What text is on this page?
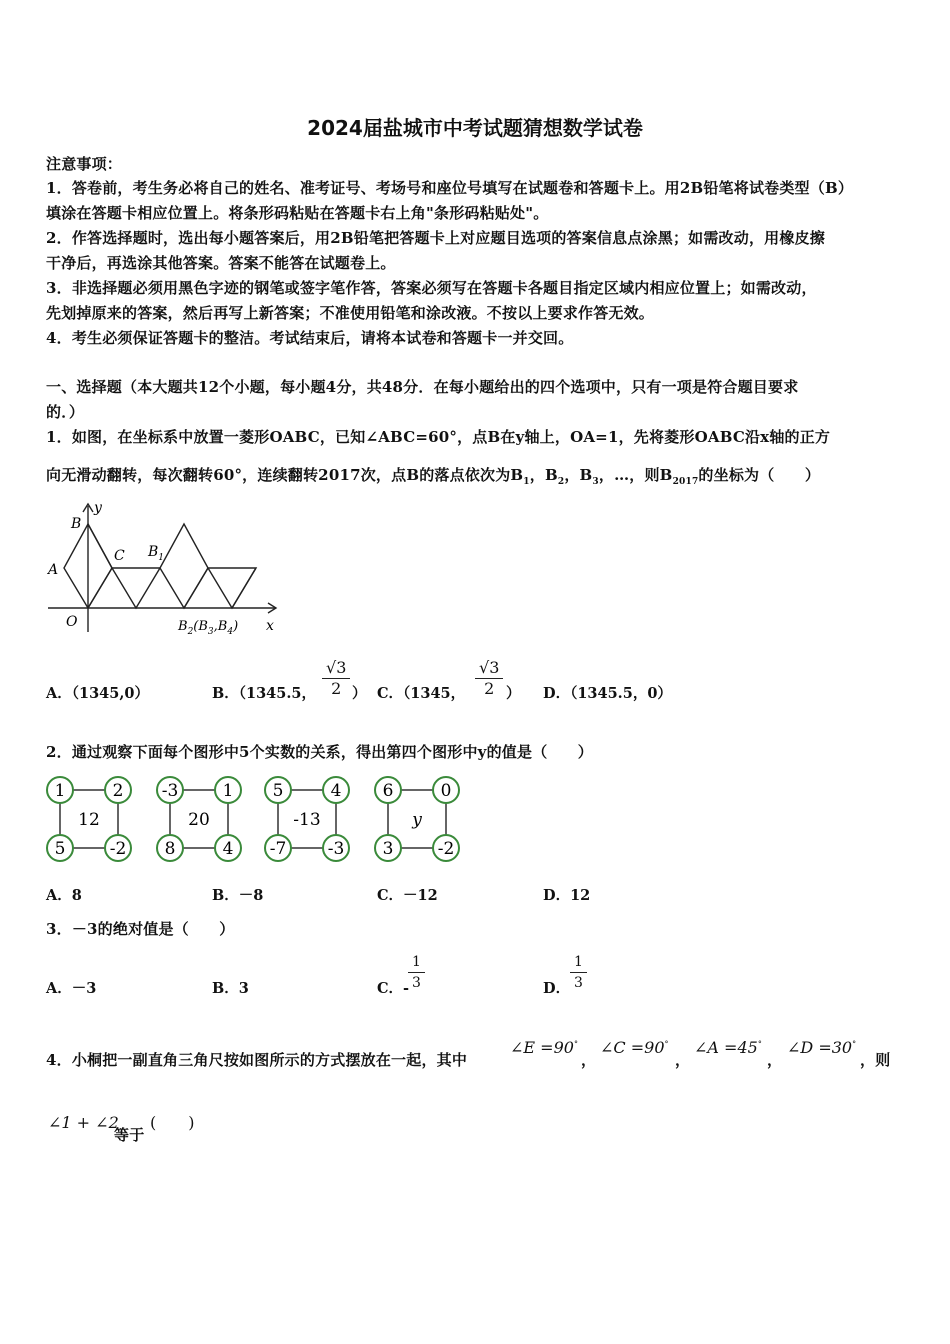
2024届盐城市中考试题猜想数学试卷
注意事项：
1．答卷前，考生务必将自己的姓名、准考证号、考场号和座位号填写在试题卷和答题卡上。用2B铅笔将试卷类型（B）
填涂在答题卡相应位置上。将条形码粘贴在答题卡右上角"条形码粘贴处"。
2．作答选择题时，选出每小题答案后，用2B铅笔把答题卡上对应题目选项的答案信息点涂黑；如需改动，用橡皮擦
干净后，再选涂其他答案。答案不能答在试题卷上。
3．非选择题必须用黑色字迹的钢笔或签字笔作答，答案必须写在答题卡各题目指定区域内相应位置上；如需改动，
先划掉原来的答案，然后再写上新答案；不准使用铅笔和涂改液。不按以上要求作答无效。
4．考生必须保证答题卡的整洁。考试结束后，请将本试卷和答题卡一并交回。
一、选择题（本大题共12个小题，每小题4分，共48分．在每小题给出的四个选项中，只有一项是符合题目要求
的．）
1．如图，在坐标系中放置一菱形OABC，已知∠ABC=60°，点B在y轴上，OA=1，先将菱形OABC沿x轴的正方
向无滑动翻转，每次翻转60°，连续翻转2017次，点B的落点依次为$B_1$，$B_2$，$B_3$，…，则$B_{2017}$的坐标为（　　）
B
y
A
C $B_1$
O	x
$B_2(B_3,B_4)$
A．（1345,0）	B．（1345.5， $\frac{√3}{2}$ ） C．（1345， $\frac{√3}{2}$ ） D．（1345.5，0）
2．通过观察下面每个图形中5个实数的关系，得出第四个图形中y的值是（　　）
1	2
5	-2
12
-3	1
8	4
20
5	4
-7 -3
-13
6	0
3	-2
y
A．8	B．－8	C．－12	D．12
3．－3的绝对值是（　　）
A．－3	B．3	C．-
$\frac{1}{3}$	D． $\frac{1}{3}$
4．小桐把一副直角三角尺按如图所示的方式摆放在一起，其中
∠E =90°
，
∠C =90°
，
∠A =45°
，
∠D =30°
，则
∠1 + ∠2
等于
(　　)
